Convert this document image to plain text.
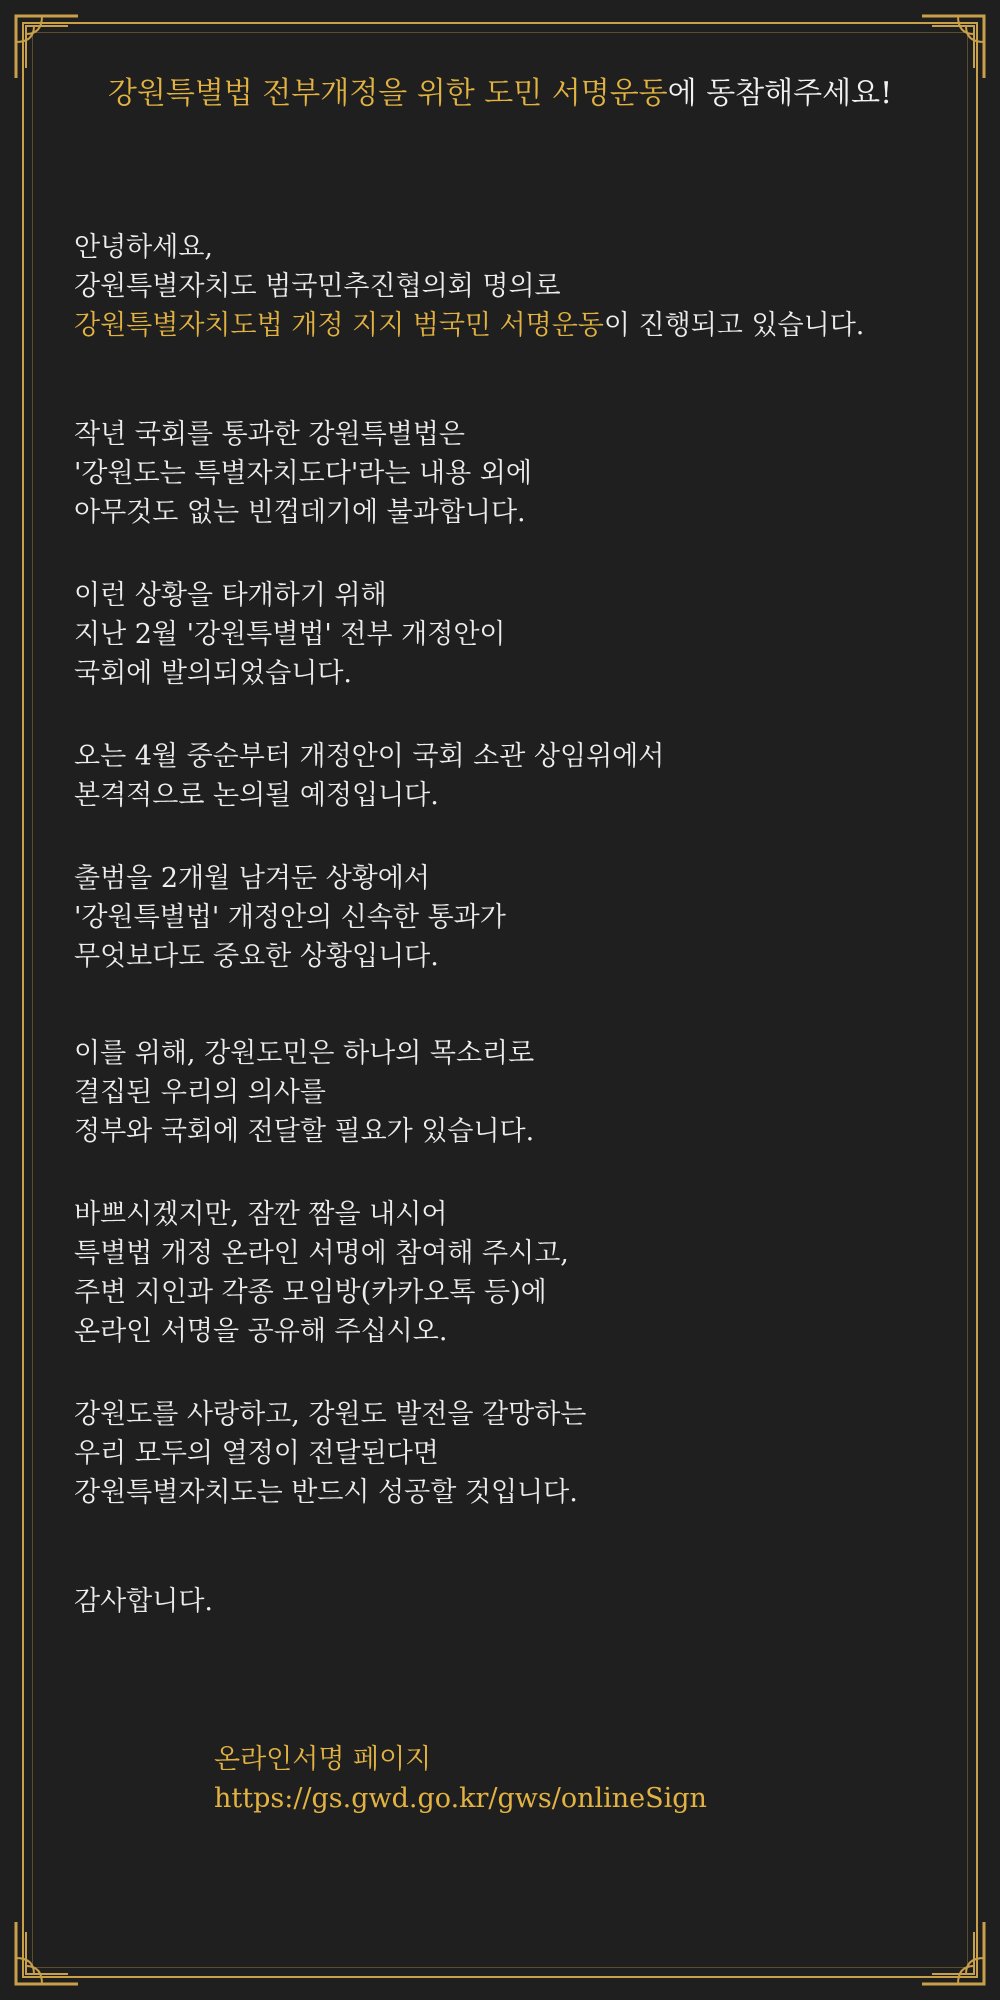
강원특별법 전부개정을 위한 도민 서명운동에 동참해주세요!

안녕하세요,
강원특별자치도 범국민추진협의회 명의로
강원특별자치도법 개정 지지 범국민 서명운동이 진행되고 있습니다.

작년 국회를 통과한 강원특별법은
'강원도는 특별자치도다'라는 내용 외에
아무것도 없는 빈껍데기에 불과합니다.

이런 상황을 타개하기 위해
지난 2월 '강원특별법' 전부 개정안이
국회에 발의되었습니다.

오는 4월 중순부터 개정안이 국회 소관 상임위에서
본격적으로 논의될 예정입니다.

출범을 2개월 남겨둔 상황에서
'강원특별법' 개정안의 신속한 통과가
무엇보다도 중요한 상황입니다.

이를 위해, 강원도민은 하나의 목소리로
결집된 우리의 의사를
정부와 국회에 전달할 필요가 있습니다.

바쁘시겠지만, 잠깐 짬을 내시어
특별법 개정 온라인 서명에 참여해 주시고,
주변 지인과 각종 모임방(카카오톡 등)에
온라인 서명을 공유해 주십시오.

강원도를 사랑하고, 강원도 발전을 갈망하는
우리 모두의 열정이 전달된다면
강원특별자치도는 반드시 성공할 것입니다.

감사합니다.

온라인서명 페이지
https://gs.gwd.go.kr/gws/onlineSign
